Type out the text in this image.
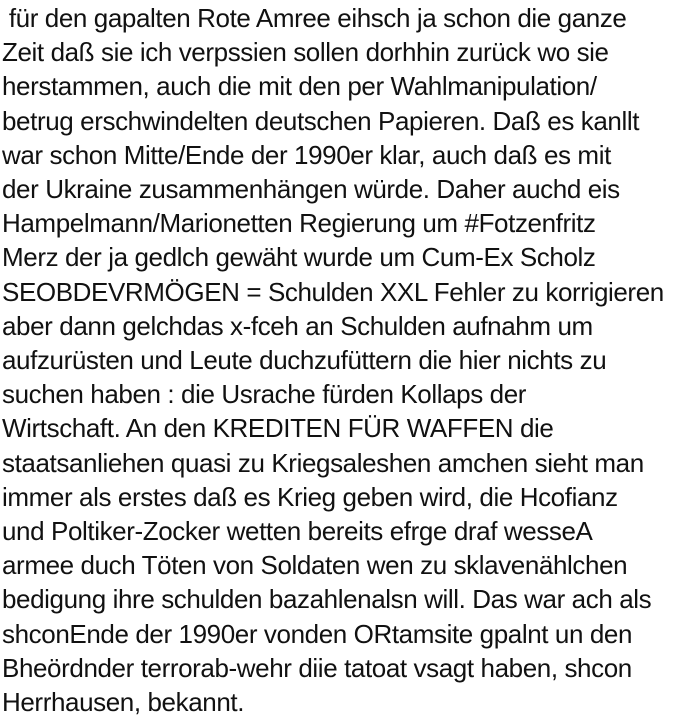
für den gapalten Rote Amree eihsch ja schon die ganze
Zeit daß sie ich verpssien sollen dorhhin zurück wo sie
herstammen, auch die mit den per Wahlmanipulation/
betrug erschwindelten deutschen Papieren. Daß es kanllt
war schon Mitte/Ende der 1990er klar, auch daß es mit
der Ukraine zusammenhängen würde. Daher auchd eis
Hampelmann/Marionetten Regierung um #Fotzenfritz
Merz der ja gedlch gewäht wurde um Cum-Ex Scholz
SEOBDEVRMÖGEN = Schulden XXL Fehler zu korrigieren
aber dann gelchdas x-fceh an Schulden aufnahm um
aufzurüsten und Leute duchzufüttern die hier nichts zu
suchen haben : die Usrache fürden Kollaps der
Wirtschaft. An den KREDITEN FÜR WAFFEN die
staatsanliehen quasi zu Kriegsaleshen amchen sieht man
immer als erstes daß es Krieg geben wird, die Hcofianz
und Poltiker-Zocker wetten bereits efrge draf wesseA
armee duch Töten von Soldaten wen zu sklavenählchen
bedigung ihre schulden bazahlenalsn will. Das war ach als
shconEnde der 1990er vonden ORtamsite gpalnt un den
Bheördnder terrorab-wehr diie tatoat vsagt haben, shcon
Herrhausen, bekannt.
